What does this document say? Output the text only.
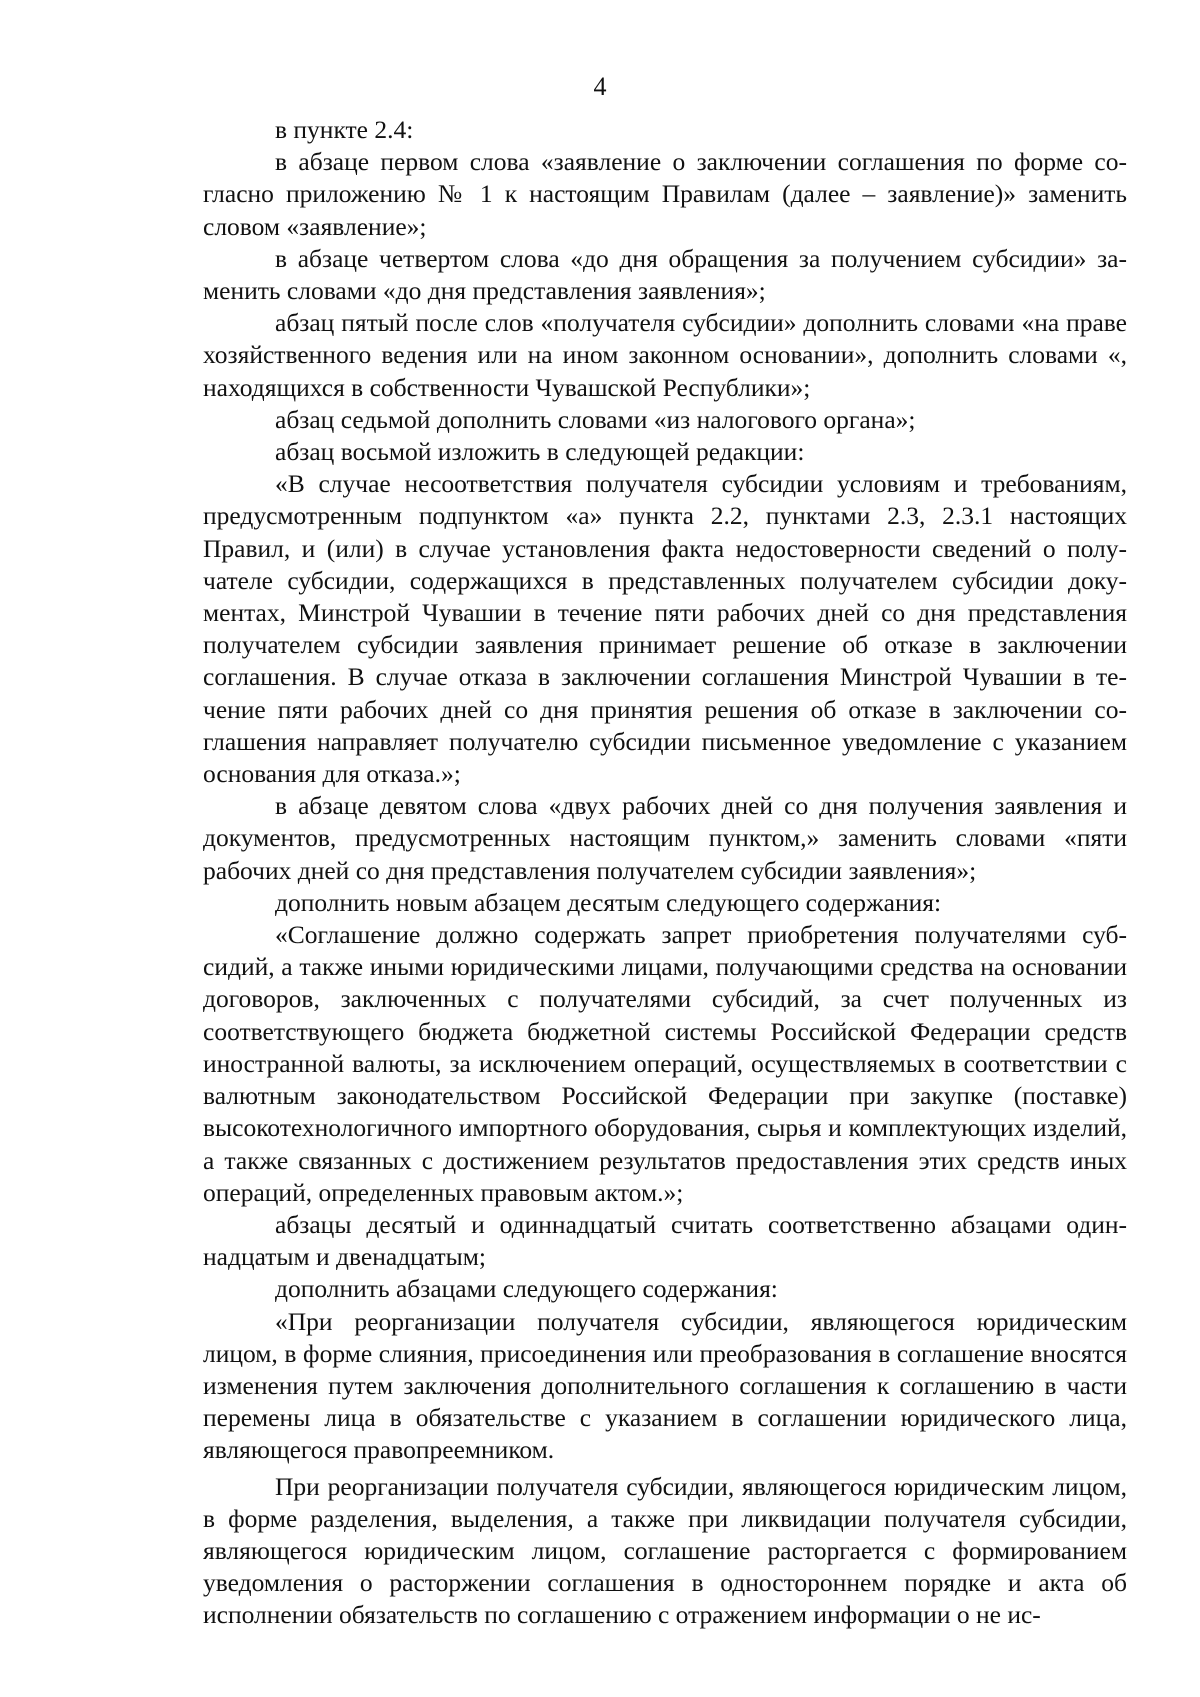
4

в пункте 2.4:

в абзаце первом слова «заявление о заключении соглашения по форме согласно приложению № 1 к настоящим Правилам (далее – заявление)» заменить словом «заявление»;

в абзаце четвертом слова «до дня обращения за получением субсидии» заменить словами «до дня представления заявления»;

абзац пятый после слов «получателя субсидии» дополнить словами «на праве хозяйственного ведения или на ином законном основании», дополнить словами «, находящихся в собственности Чувашской Республики»;

абзац седьмой дополнить словами «из налогового органа»;

абзац восьмой изложить в следующей редакции:

«В случае несоответствия получателя субсидии условиям и требованиям, предусмотренным подпунктом «а» пункта 2.2, пунктами 2.3, 2.3.1 настоящих Правил, и (или) в случае установления факта недостоверности сведений о получателе субсидии, содержащихся в представленных получателем субсидии документах, Минстрой Чувашии в течение пяти рабочих дней со дня представления получателем субсидии заявления принимает решение об отказе в заключении соглашения. В случае отказа в заключении соглашения Минстрой Чувашии в течение пяти рабочих дней со дня принятия решения об отказе в заключении соглашения направляет получателю субсидии письменное уведомление с указанием основания для отказа.»;

в абзаце девятом слова «двух рабочих дней со дня получения заявления и документов, предусмотренных настоящим пунктом,» заменить словами «пяти рабочих дней со дня представления получателем субсидии заявления»;

дополнить новым абзацем десятым следующего содержания:

«Соглашение должно содержать запрет приобретения получателями субсидий, а также иными юридическими лицами, получающими средства на основании договоров, заключенных с получателями субсидий, за счет полученных из соответствующего бюджета бюджетной системы Российской Федерации средств иностранной валюты, за исключением операций, осуществляемых в соответствии с валютным законодательством Российской Федерации при закупке (поставке) высокотехнологичного импортного оборудования, сырья и комплектующих изделий, а также связанных с достижением результатов предоставления этих средств иных операций, определенных правовым актом.»;

абзацы десятый и одиннадцатый считать соответственно абзацами одиннадцатым и двенадцатым;

дополнить абзацами следующего содержания:

«При реорганизации получателя субсидии, являющегося юридическим лицом, в форме слияния, присоединения или преобразования в соглашение вносятся изменения путем заключения дополнительного соглашения к соглашению в части перемены лица в обязательстве с указанием в соглашении юридического лица, являющегося правопреемником.

При реорганизации получателя субсидии, являющегося юридическим лицом, в форме разделения, выделения, а также при ликвидации получателя субсидии, являющегося юридическим лицом, соглашение расторгается с формированием уведомления о расторжении соглашения в одностороннем порядке и акта об исполнении обязательств по соглашению с отражением информации о не ис-
